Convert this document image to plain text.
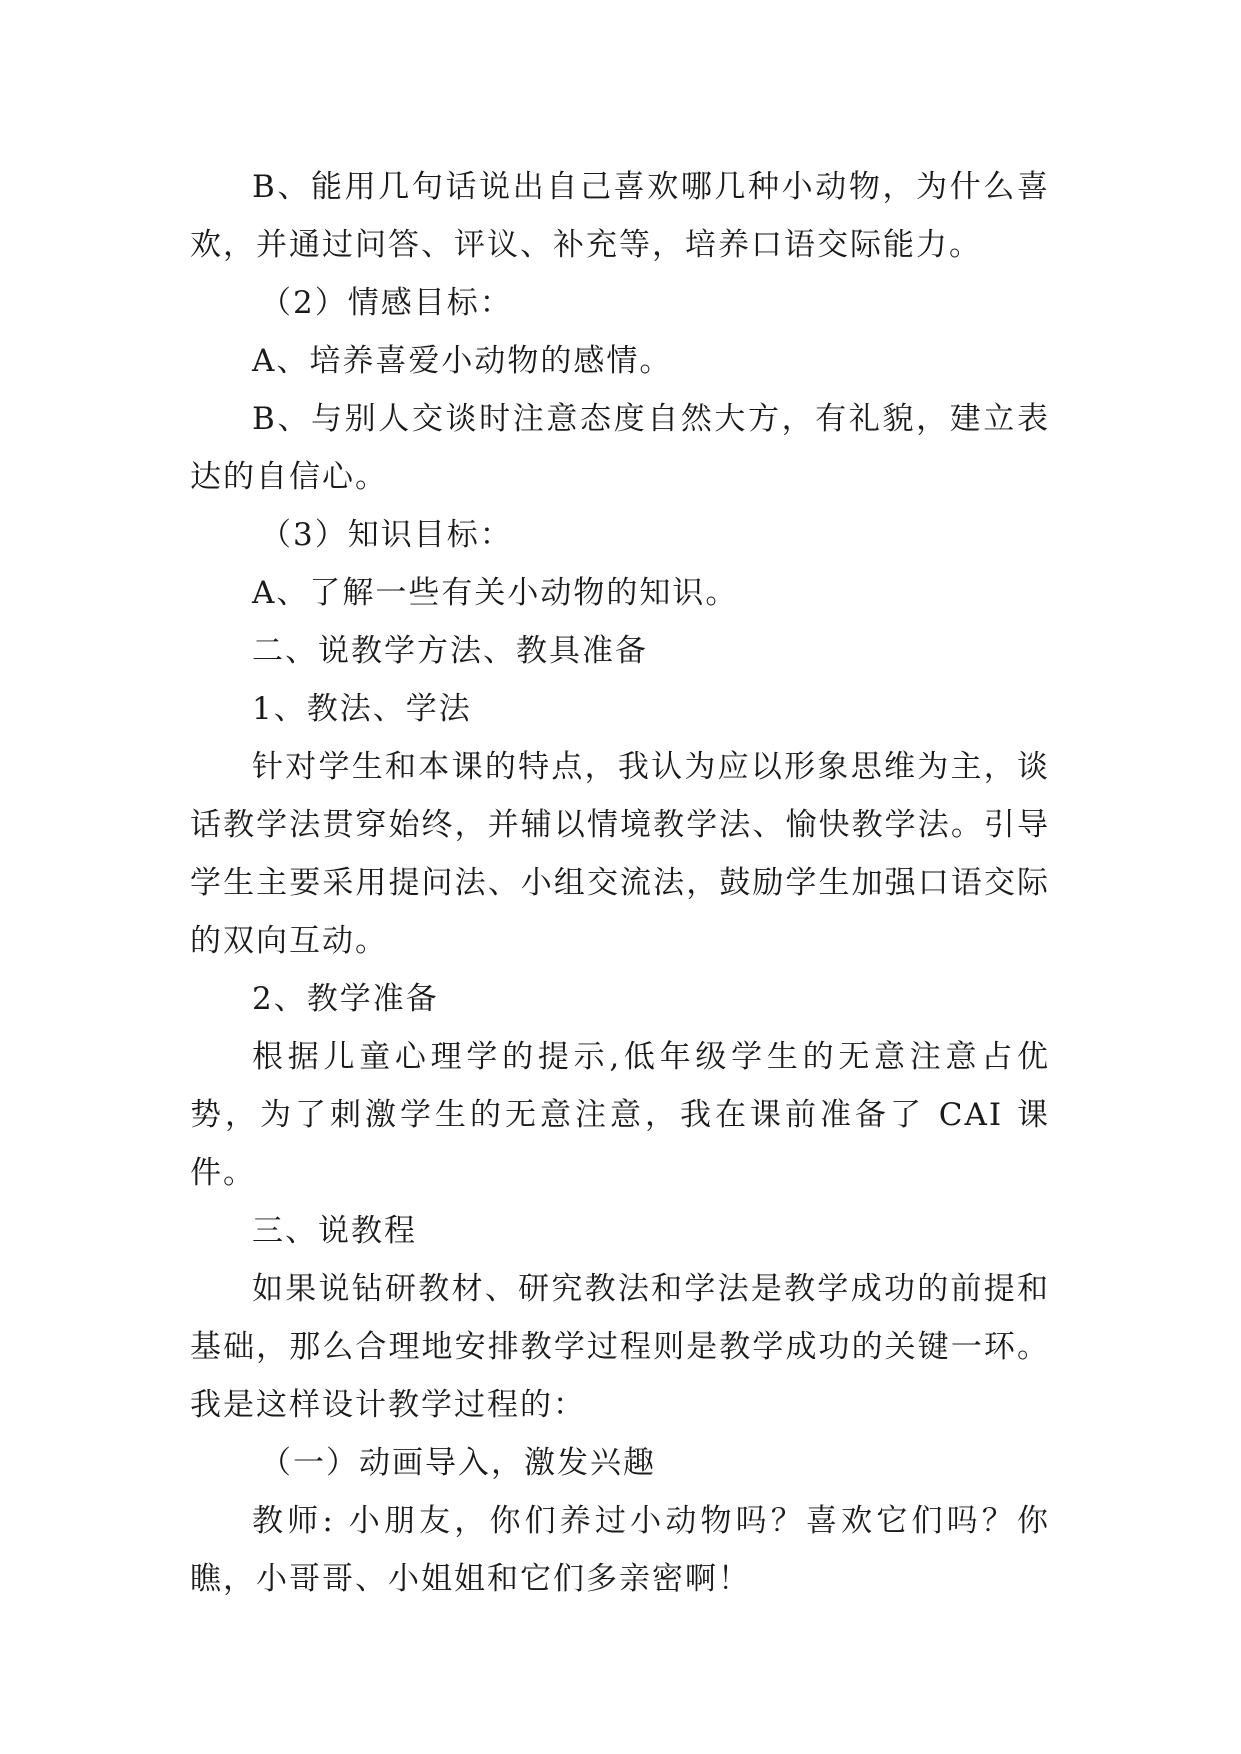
B、能用几句话说出自己喜欢哪几种小动物，为什么喜欢，并通过问答、评议、补充等，培养口语交际能力。

（2）情感目标：

A、培养喜爱小动物的感情。

B、与别人交谈时注意态度自然大方，有礼貌，建立表达的自信心。

（3）知识目标：

A、了解一些有关小动物的知识。

二、说教学方法、教具准备

1、教法、学法

针对学生和本课的特点，我认为应以形象思维为主，谈话教学法贯穿始终，并辅以情境教学法、愉快教学法。引导学生主要采用提问法、小组交流法，鼓励学生加强口语交际的双向互动。

2、教学准备

根据儿童心理学的提示,低年级学生的无意注意占优势，为了刺激学生的无意注意，我在课前准备了 CAI 课件。

三、说教程

如果说钻研教材、研究教法和学法是教学成功的前提和基础，那么合理地安排教学过程则是教学成功的关键一环。我是这样设计教学过程的：

（一）动画导入，激发兴趣

教师: 小朋友，你们养过小动物吗？喜欢它们吗？你瞧，小哥哥、小姐姐和它们多亲密啊！
